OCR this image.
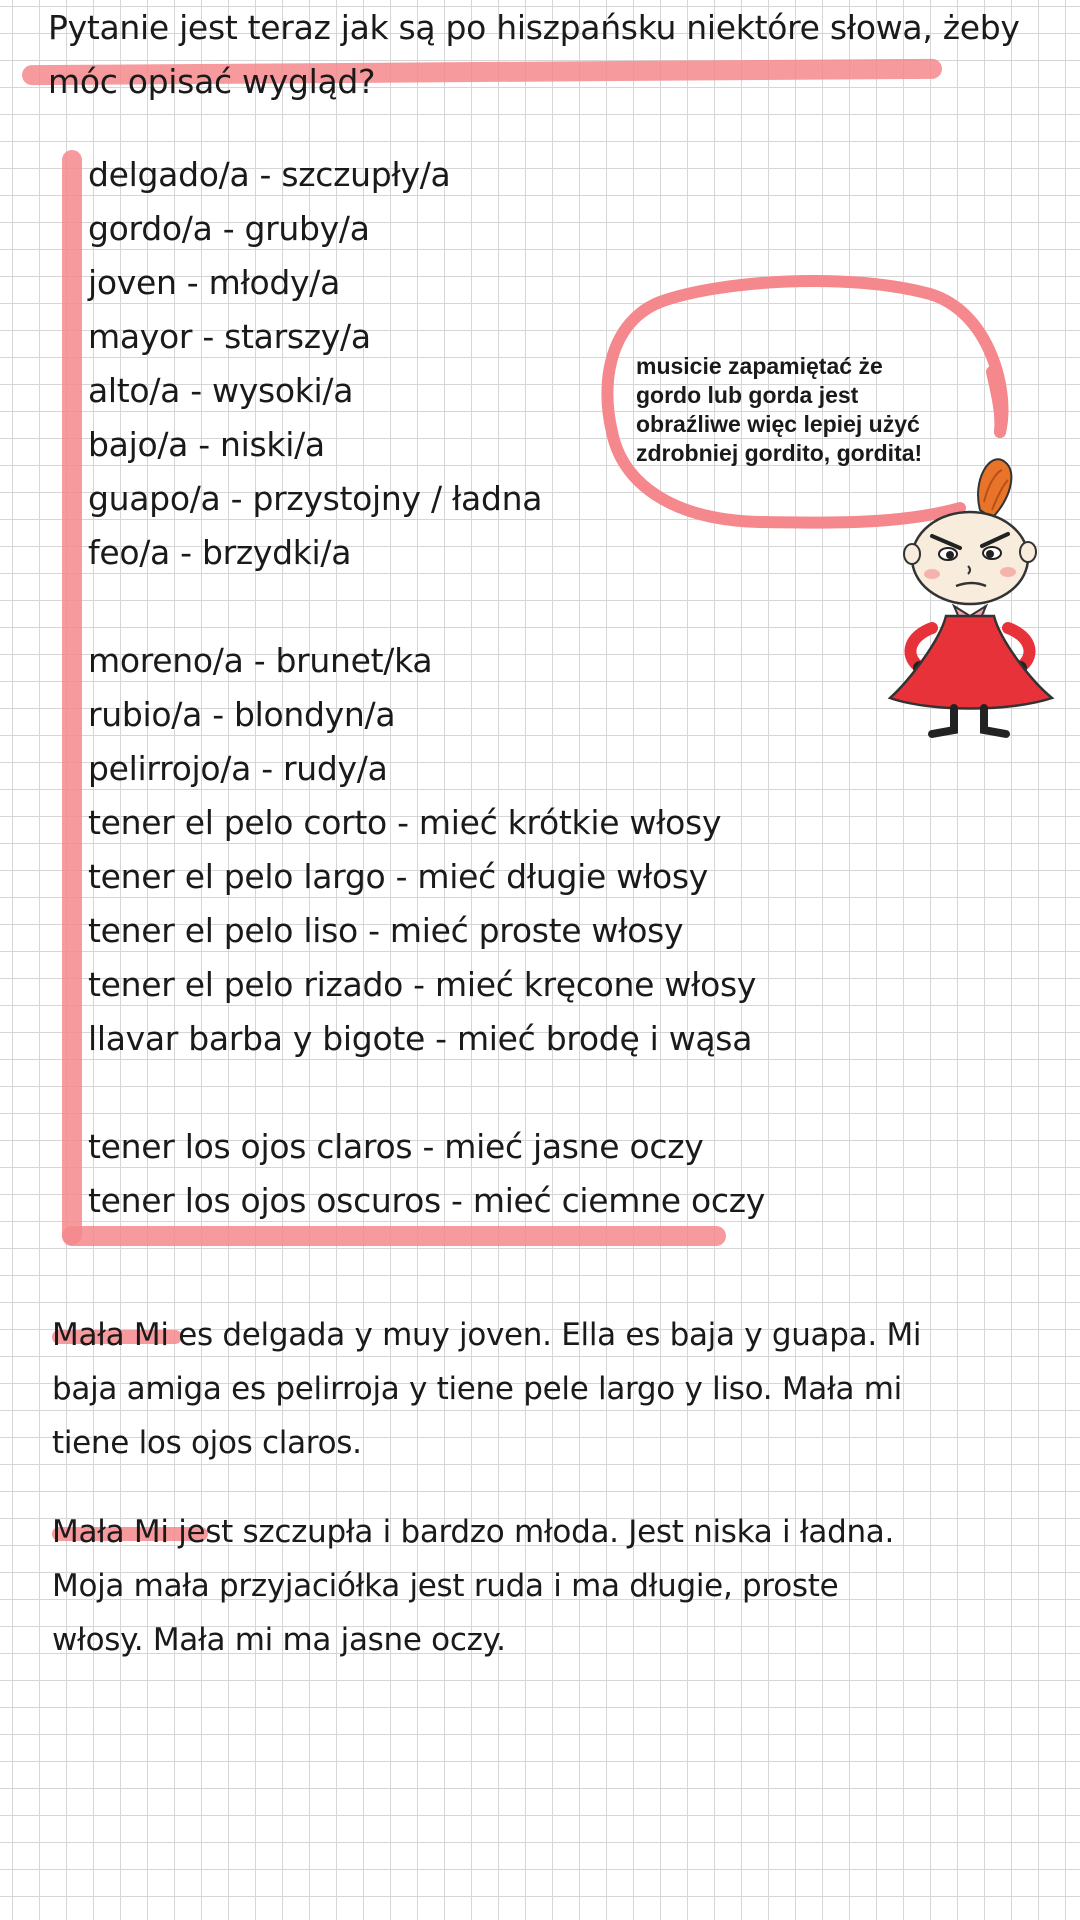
Pytanie jest teraz jak są po hiszpańsku niektóre słowa, żeby
móc opisać wygląd?
delgado/a - szczupły/a
gordo/a - gruby/a
joven - młody/a
mayor - starszy/a
alto/a - wysoki/a
bajo/a - niski/a
guapo/a - przystojny / ładna
feo/a - brzydki/a
moreno/a - brunet/ka
rubio/a - blondyn/a
pelirrojo/a - rudy/a
tener el pelo corto - mieć krótkie włosy
tener el pelo largo - mieć długie włosy
tener el pelo liso - mieć proste włosy
tener el pelo rizado - mieć kręcone włosy
llavar barba y bigote - mieć brodę i wąsa
tener los ojos claros - mieć jasne oczy
tener los ojos oscuros - mieć ciemne oczy

musicie zapamiętać że
gordo lub gorda jest
obraźliwe więc lepiej użyć
zdrobniej gordito, gordita!

Mała Mi es delgada y muy joven. Ella es baja y guapa. Mi
baja amiga es pelirroja y tiene pele largo y liso. Mała mi
tiene los ojos claros.

Mała Mi jest szczupła i bardzo młoda. Jest niska i ładna.
Moja mała przyjaciółka jest ruda i ma długie, proste
włosy. Mała mi ma jasne oczy.
